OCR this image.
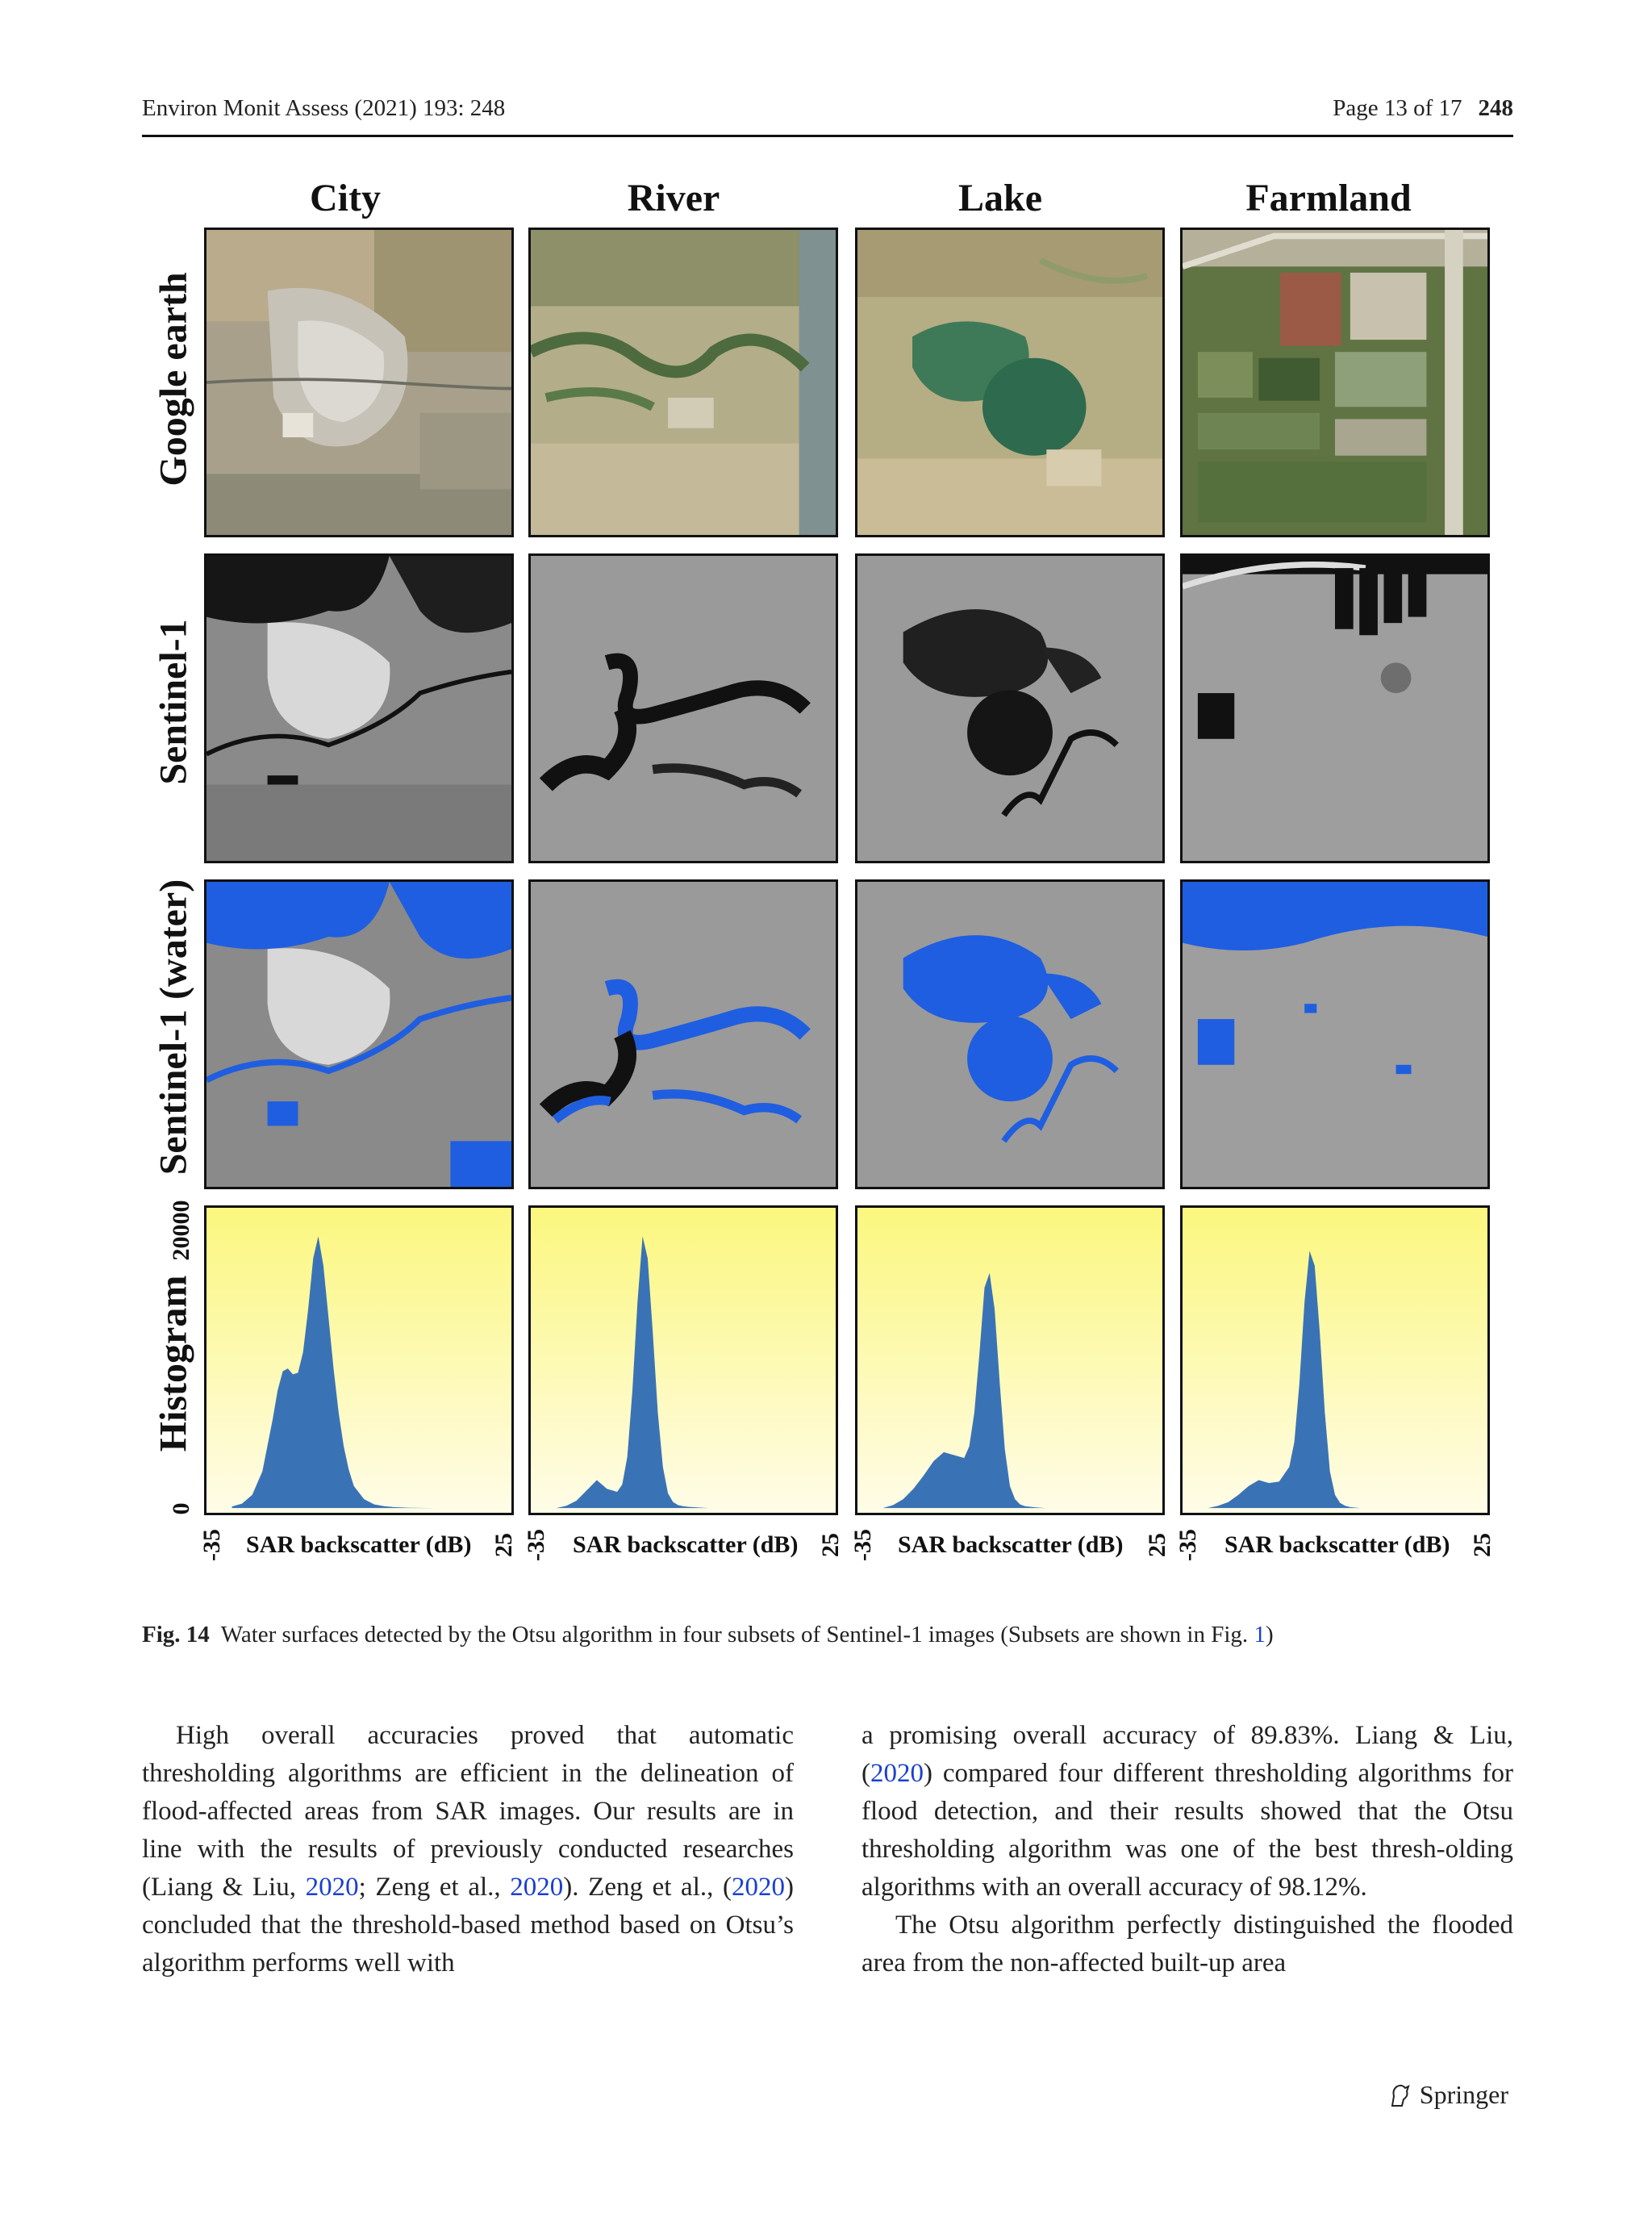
Environ Monit Assess (2021) 193: 248	Page 13 of 17 248
City	River	Lake	Farmland
Google earth
Sentinel-1
Sentinel-1 (water)
Histogram
20000
0
-35 SAR backscatter (dB) 25 -35 SAR backscatter (dB) 25 -35 SAR backscatter (dB) 25 -35 SAR backscatter (dB) 25
Fig. 14 Water surfaces detected by the Otsu algorithm in four subsets of Sentinel-1 images (Subsets are shown in Fig. 1)

High overall accuracies proved that automatic thresholding algorithms are efficient in the delineation of flood-affected areas from SAR images. Our results are in line with the results of previously conducted researches (Liang & Liu, 2020; Zeng et al., 2020). Zeng et al., (2020) concluded that the threshold-based method based on Otsu’s algorithm performs well with

a promising overall accuracy of 89.83%. Liang & Liu, (2020) compared four different thresholding algorithms for flood detection, and their results showed that the Otsu thresholding algorithm was one of the best thresh-olding algorithms with an overall accuracy of 98.12%.

The Otsu algorithm perfectly distinguished the flooded area from the non-affected built-up area

Springer
